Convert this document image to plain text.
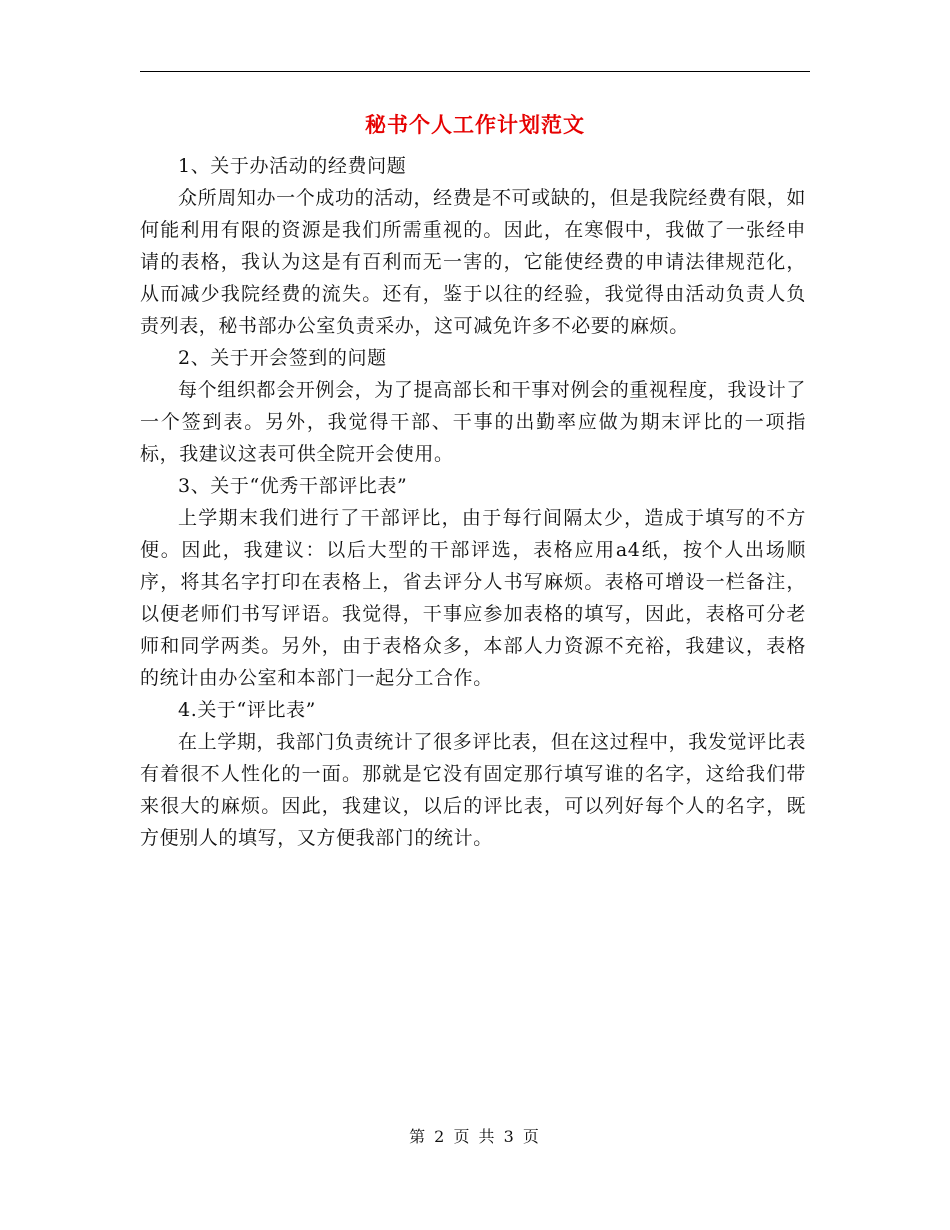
秘书个人工作计划范文

1、关于办活动的经费问题

众所周知办一个成功的活动，经费是不可或缺的，但是我院经费有限，如何能利用有限的资源是我们所需重视的。因此，在寒假中，我做了一张经申请的表格，我认为这是有百利而无一害的，它能使经费的申请法律规范化，从而减少我院经费的流失。还有，鉴于以往的经验，我觉得由活动负责人负责列表，秘书部办公室负责采办，这可减免许多不必要的麻烦。

2、关于开会签到的问题

每个组织都会开例会，为了提高部长和干事对例会的重视程度，我设计了一个签到表。另外，我觉得干部、干事的出勤率应做为期末评比的一项指标，我建议这表可供全院开会使用。

3、关于“优秀干部评比表”

上学期末我们进行了干部评比，由于每行间隔太少，造成于填写的不方便。因此，我建议：以后大型的干部评选，表格应用a4纸，按个人出场顺序，将其名字打印在表格上，省去评分人书写麻烦。表格可增设一栏备注，以便老师们书写评语。我觉得，干事应参加表格的填写，因此，表格可分老师和同学两类。另外，由于表格众多，本部人力资源不充裕，我建议，表格的统计由办公室和本部门一起分工合作。

4.关于“评比表”

在上学期，我部门负责统计了很多评比表，但在这过程中，我发觉评比表有着很不人性化的一面。那就是它没有固定那行填写谁的名字，这给我们带来很大的麻烦。因此，我建议，以后的评比表，可以列好每个人的名字，既方便别人的填写，又方便我部门的统计。

第 2 页 共 3 页
